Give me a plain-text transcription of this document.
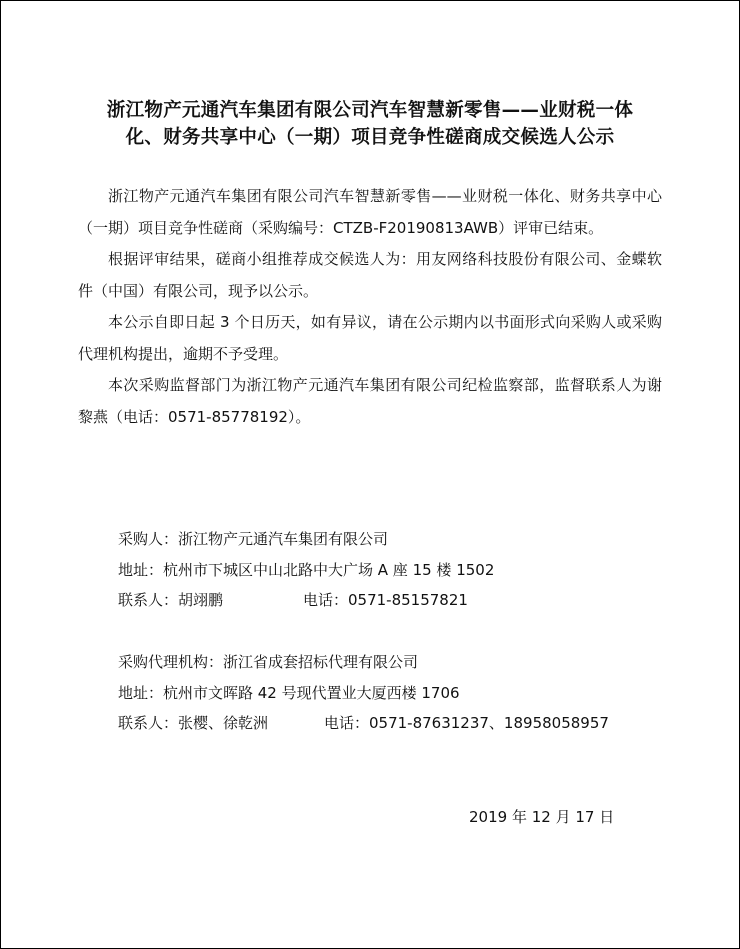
浙江物产元通汽车集团有限公司汽车智慧新零售——业财税一体
化、财务共享中心（一期）项目竞争性磋商成交候选人公示

浙江物产元通汽车集团有限公司汽车智慧新零售——业财税一体化、财务共享中心（一期）项目竞争性磋商（采购编号：CTZB-F20190813AWB）评审已结束。

根据评审结果，磋商小组推荐成交候选人为：用友网络科技股份有限公司、金蝶软件（中国）有限公司，现予以公示。

本公示自即日起 3 个日历天，如有异议，请在公示期内以书面形式向采购人或采购代理机构提出，逾期不予受理。

本次采购监督部门为浙江物产元通汽车集团有限公司纪检监察部，监督联系人为谢黎燕（电话：0571-85778192）。

采购人：浙江物产元通汽车集团有限公司
地址：杭州市下城区中山北路中大广场 A 座 15 楼 1502
联系人：胡翊鹏	电话：0571-85157821
采购代理机构：浙江省成套招标代理有限公司
地址：杭州市文晖路 42 号现代置业大厦西楼 1706
联系人：张樱、徐乾洲	电话：0571-87631237、18958058957
2019 年 12 月 17 日
